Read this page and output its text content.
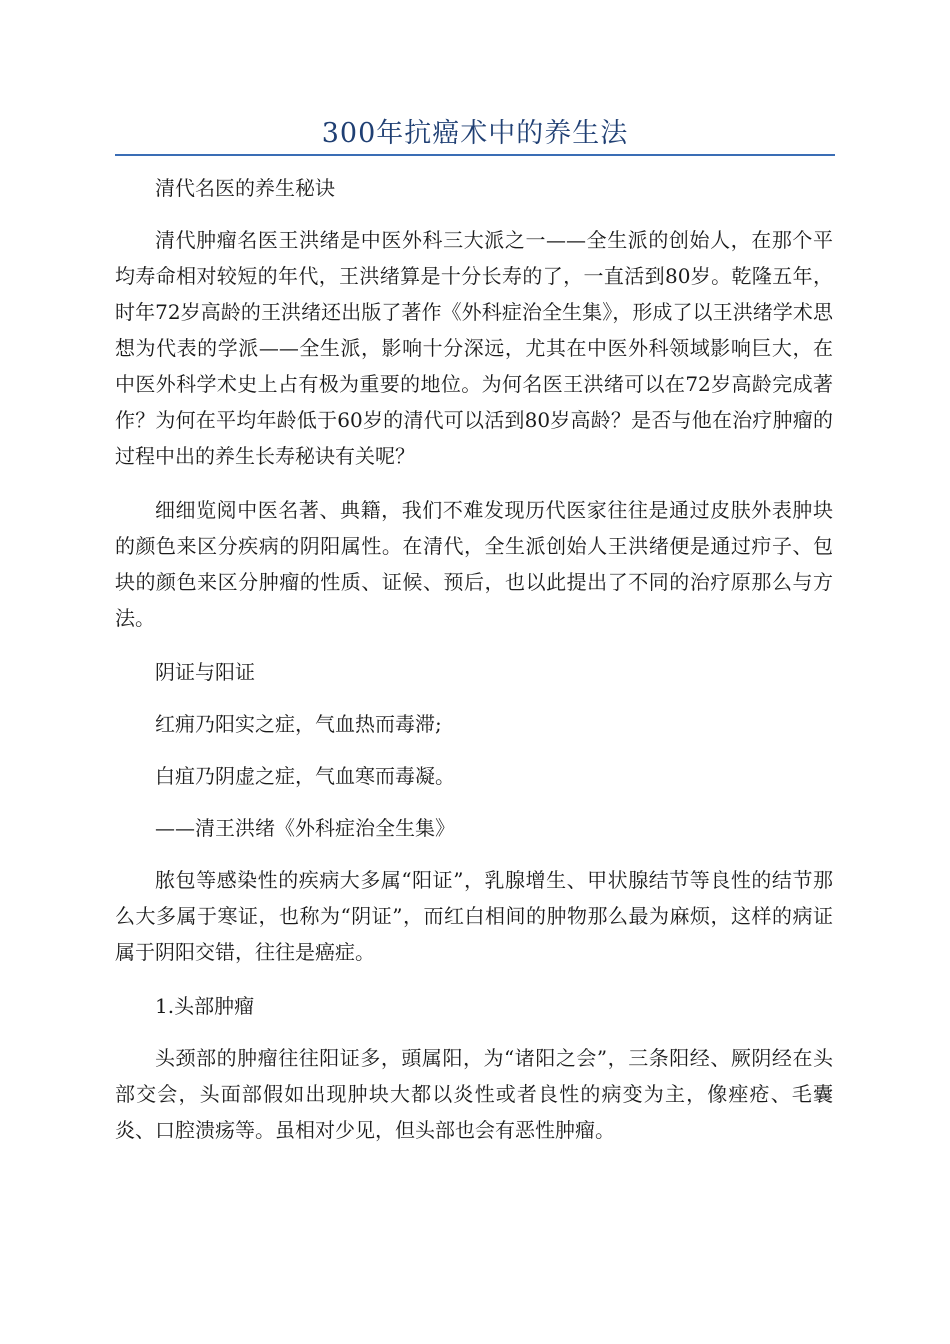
300年抗癌术中的养生法

清代名医的养生秘诀

清代肿瘤名医王洪绪是中医外科三大派之一——全生派的创始人，在那个平均寿命相对较短的年代，王洪绪算是十分长寿的了，一直活到80岁。乾隆五年，时年72岁高龄的王洪绪还出版了著作《外科症治全生集》，形成了以王洪绪学术思想为代表的学派——全生派，影响十分深远，尤其在中医外科领域影响巨大，在中医外科学术史上占有极为重要的地位。为何名医王洪绪可以在72岁高龄完成著作？为何在平均年龄低于60岁的清代可以活到80岁高龄？是否与他在治疗肿瘤的过程中出的养生长寿秘诀有关呢？

细细览阅中医名著、典籍，我们不难发现历代医家往往是通过皮肤外表肿块的颜色来区分疾病的阴阳属性。在清代，全生派创始人王洪绪便是通过疖子、包块的颜色来区分肿瘤的性质、证候、预后，也以此提出了不同的治疗原那么与方法。

阴证与阳证

红痈乃阳实之症，气血热而毒滞;

白疽乃阴虚之症，气血寒而毒凝。

——清王洪绪《外科症治全生集》

脓包等感染性的疾病大多属“阳证”，乳腺增生、甲状腺结节等良性的结节那么大多属于寒证，也称为“阴证”，而红白相间的肿物那么最为麻烦，这样的病证属于阴阳交错，往往是癌症。

1.头部肿瘤

头颈部的肿瘤往往阳证多，頭属阳，为“诸阳之会”，三条阳经、厥阴经在头部交会，头面部假如出现肿块大都以炎性或者良性的病变为主，像痤疮、毛囊炎、口腔溃疡等。虽相对少见，但头部也会有恶性肿瘤。
